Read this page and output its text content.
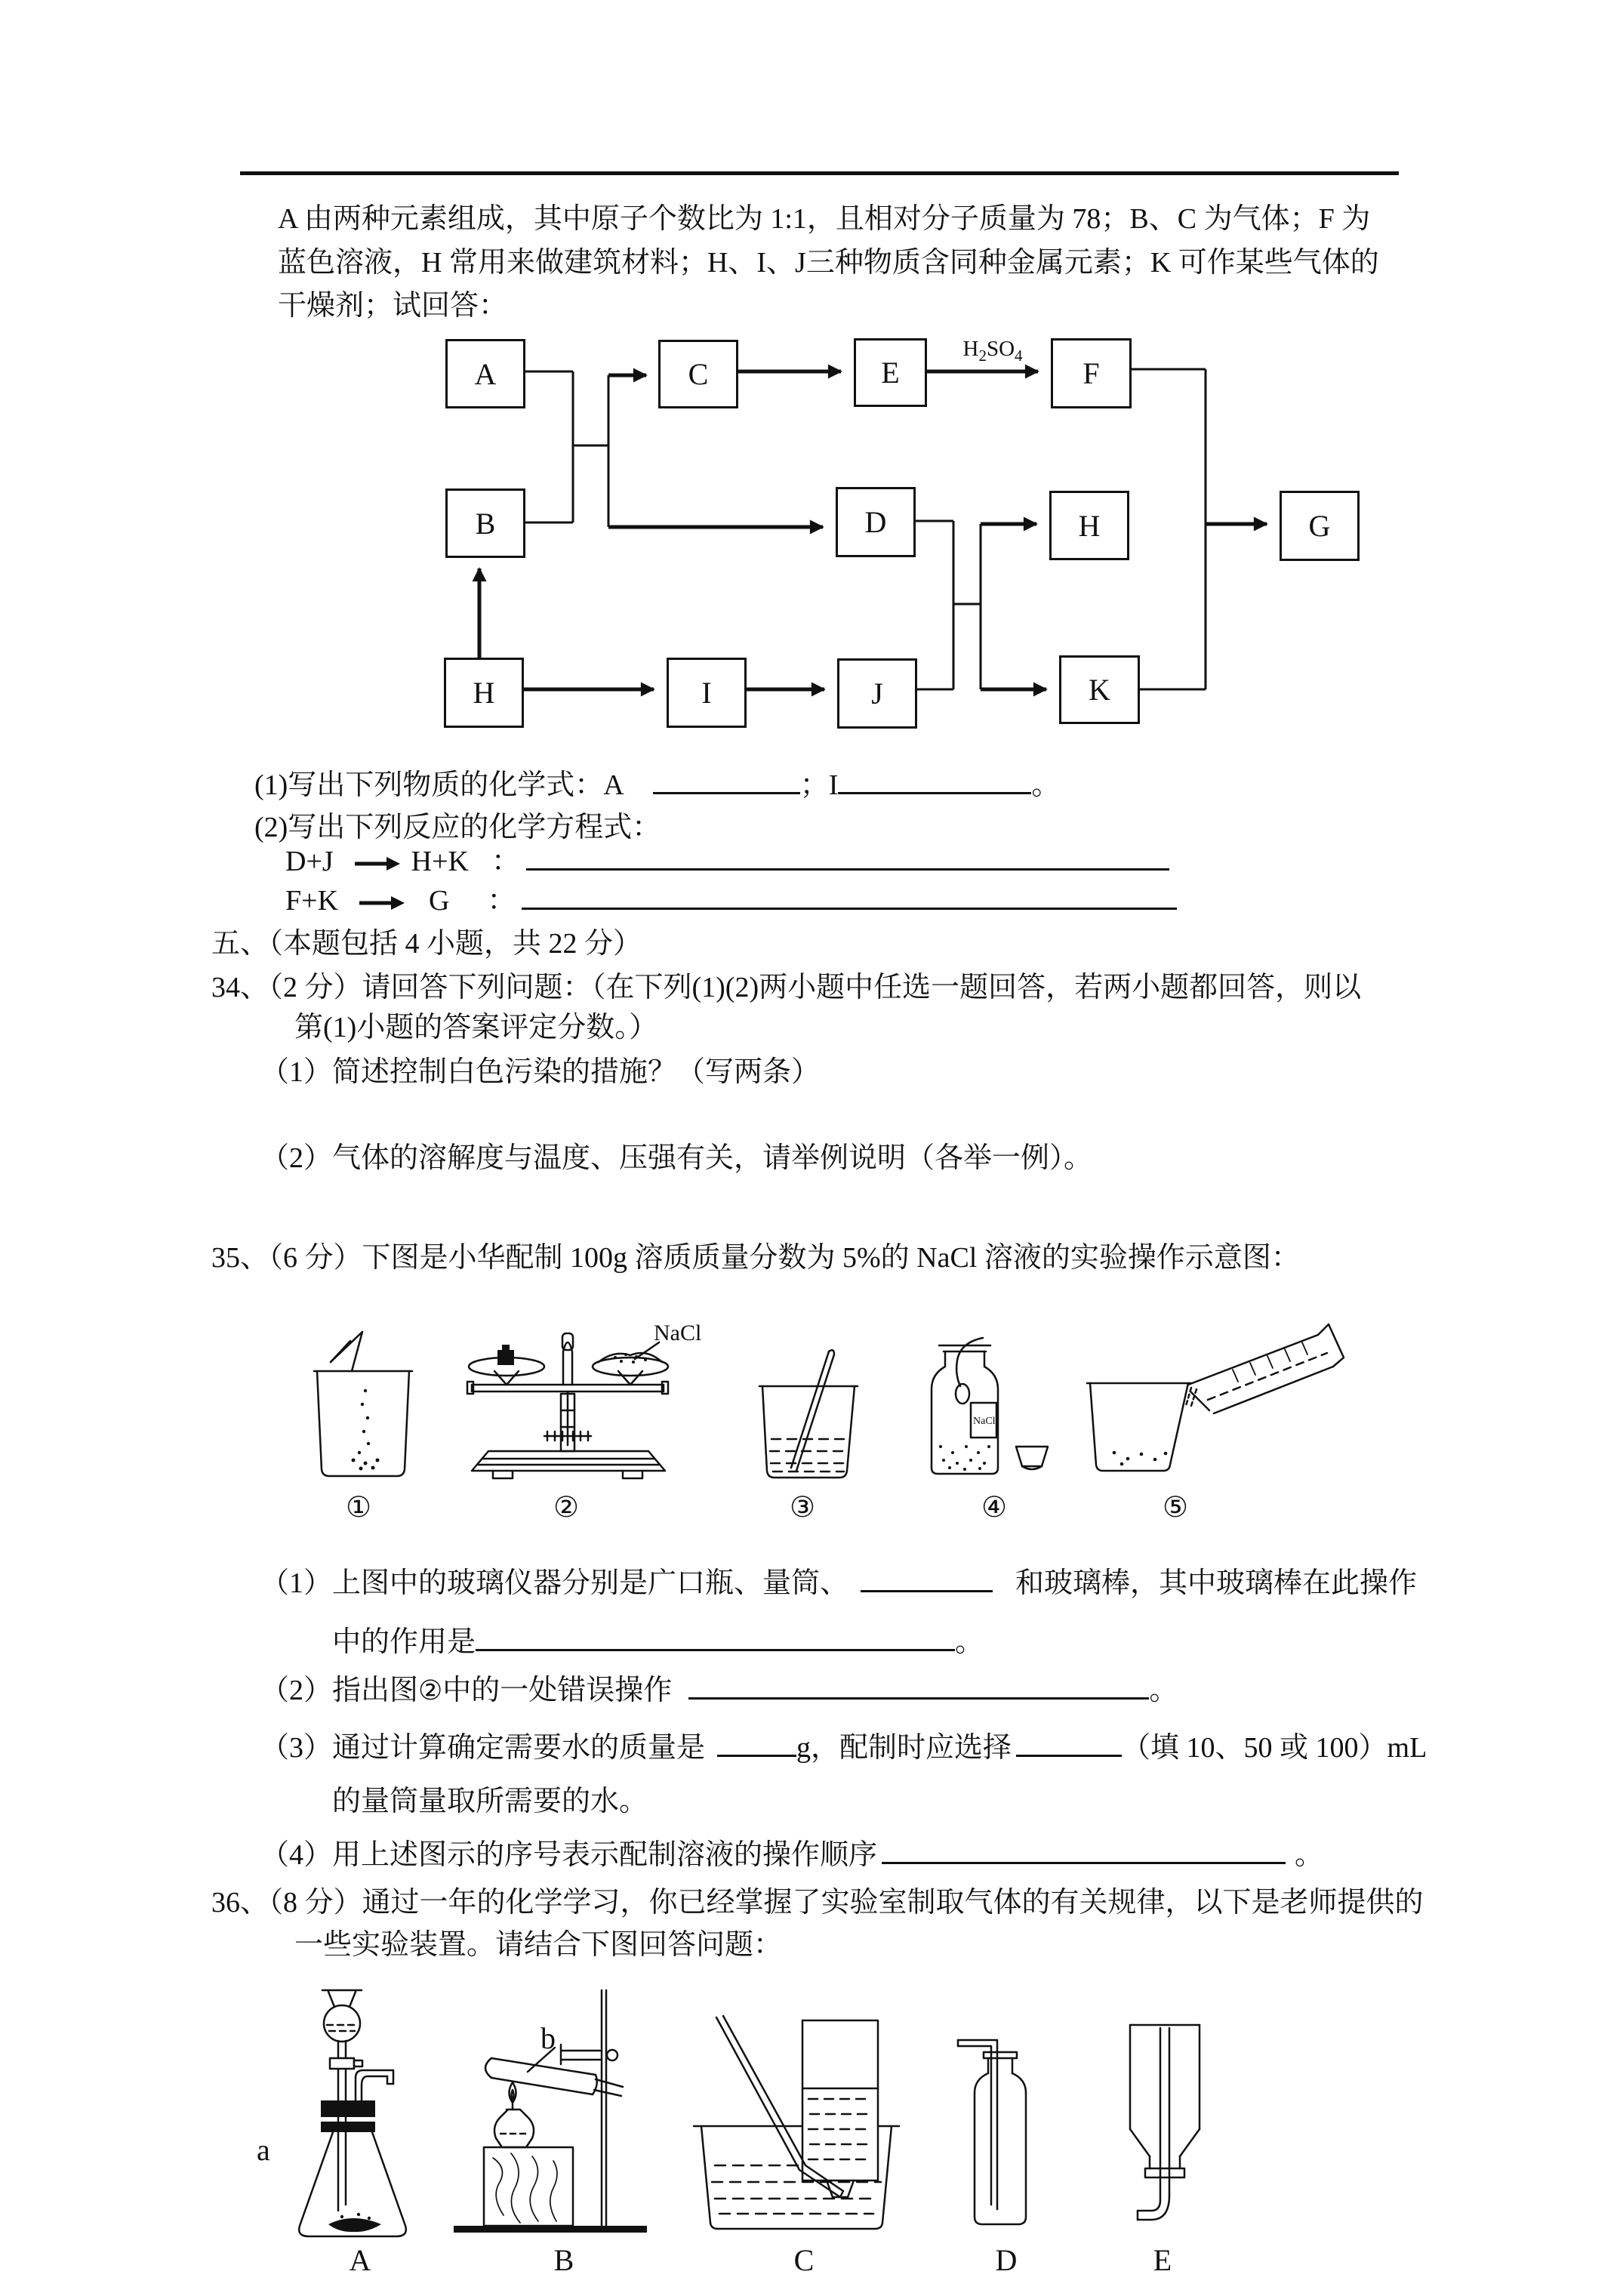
A 由两种元素组成，其中原子个数比为 1:1，且相对分子质量为 78；B、C 为气体；F 为
蓝色溶液，H 常用来做建筑材料；H、I、J三种物质含同种金属元素；K 可作某些气体的
干燥剂；试回答：
A	C	E	F
B	D	H	G
H	I	J	K
$H_2SO_4$
(1)写出下列物质的化学式：A	；I	。
(2)写出下列反应的化学方程式：
D+J	H+K ：
F+K	G ：
五、（本题包括 4 小题，共 22 分）
34、（2 分）请回答下列问题：（在下列(1)(2)两小题中任选一题回答，若两小题都回答，则以
第(1)小题的答案评定分数。）
（1）简述控制白色污染的措施？（写两条）
（2）气体的溶解度与温度、压强有关，请举例说明（各举一例）。
35、（6 分）下图是小华配制 100g 溶质质量分数为 5%的 NaCl 溶液的实验操作示意图：
NaCl
①	②	③	④	⑤
NaCl
（1）上图中的玻璃仪器分别是广口瓶、量筒、	和玻璃棒，其中玻璃棒在此操作
中的作用是	。
（2）指出图②中的一处错误操作	。
（3）通过计算确定需要水的质量是	g，配制时应选择	（填 10、50 或 100）mL
的量筒量取所需要的水。
（4）用上述图示的序号表示配制溶液的操作顺序	。
36、（8 分）通过一年的化学学习，你已经掌握了实验室制取气体的有关规律，以下是老师提供的
一些实验装置。请结合下图回答问题：
A	B	C	D	E
a
b
